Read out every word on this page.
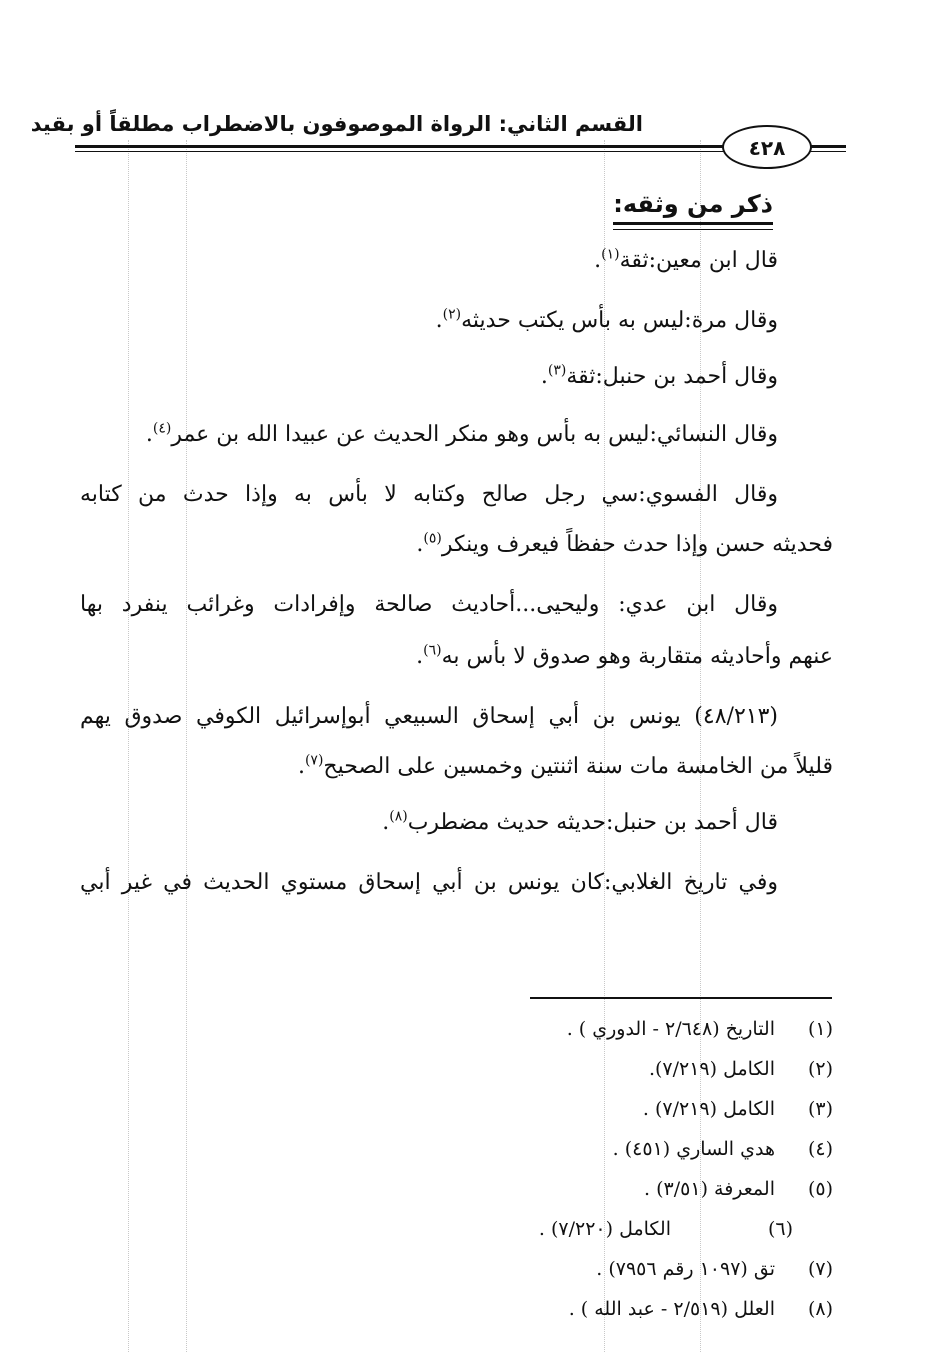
القسم الثاني: الرواة الموصوفون بالاضطراب مطلقاً أو بقيد
٤٢٨
ذكر من وثقه:
قال ابن معين:ثقة$^{(١)}$.
وقال مرة:ليس به بأس يكتب حديثه$^{(٢)}$.
وقال أحمد بن حنبل:ثقة$^{(٣)}$.
وقال النسائي:ليس به بأس وهو منكر الحديث عن عبيدا الله بن عمر$^{(٤)}$.
وقال الفسوي:سي رجل صالح وكتابه لا بأس به وإذا حدث من كتابه
فحديثه حسن وإذا حدث حفظاً فيعرف وينكر$^{(٥)}$.
وقال ابن عدي: وليحيى...أحاديث صالحة وإفرادات وغرائب ينفرد بها
عنهم وأحاديثه متقاربة وهو صدوق لا بأس به$^{(٦)}$.
(٤٨/٢١٣) يونس بن أبي إسحاق السبيعي أبوإسرائيل الكوفي صدوق يهم
قليلاً من الخامسة مات سنة اثنتين وخمسين على الصحيح$^{(٧)}$.
قال أحمد بن حنبل:حديثه حديث مضطرب$^{(٨)}$.
وفي تاريخ الغلابي:كان يونس بن أبي إسحاق مستوي الحديث في غير أبي
(١)
التاريخ (٢/٦٤٨ - الدوري ) .
(٢)
الكامل (٧/٢١٩).
(٣)
الكامل (٧/٢١٩) .
(٤)
هدي الساري (٤٥١) .
(٥)
المعرفة (٣/٥١) .
(٦)
الكامل (٧/٢٢٠) .
(٧)
تق (١٠٩٧ رقم ٧٩٥٦) .
(٨)
العلل (٢/٥١٩ - عبد الله ) .
